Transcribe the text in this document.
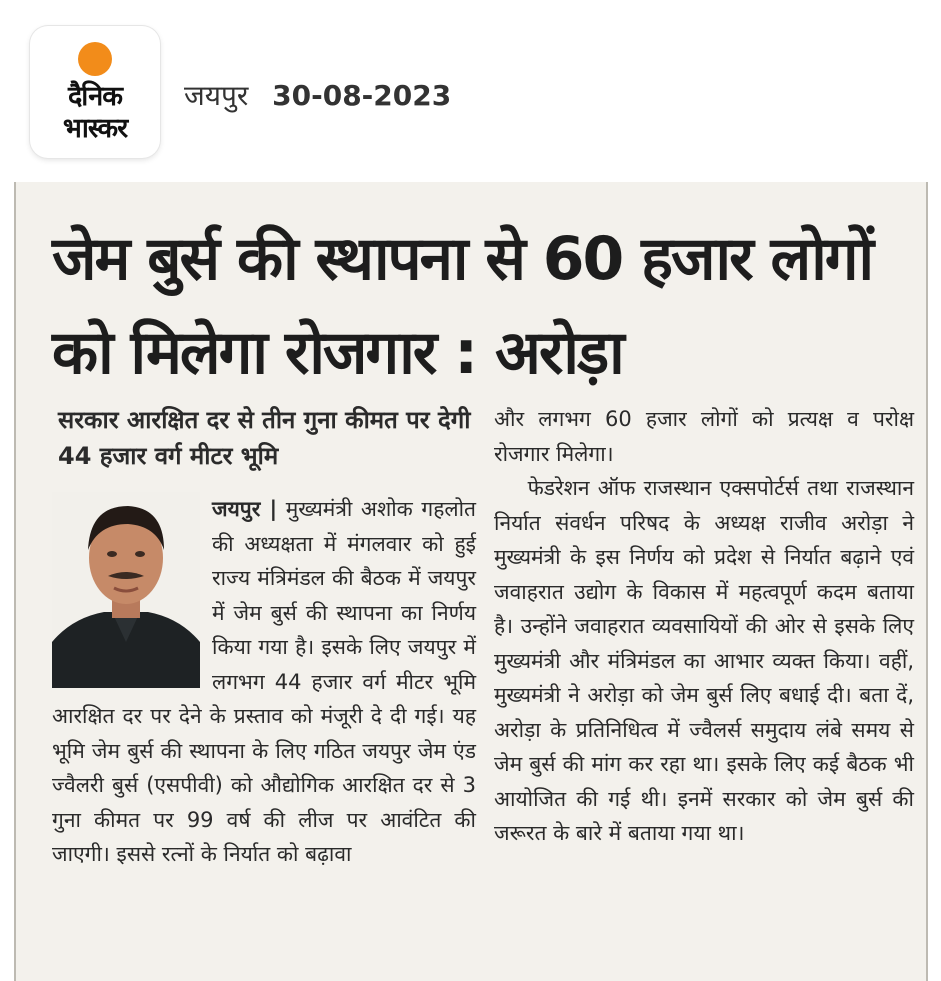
दैनिक
भास्कर
जयपुर 30-08-2023
जेम बुर्स की स्थापना से 60 हजार लोगों को मिलेगा रोजगार : अरोड़ा
सरकार आरक्षित दर से तीन गुना कीमत पर देगी 44 हजार वर्ग मीटर भूमि

जयपुर | मुख्यमंत्री अशोक गहलोत की अध्यक्षता में मंगलवार को हुई राज्य मंत्रिमंडल की बैठक में जयपुर में जेम बुर्स की स्थापना का निर्णय किया गया है। इसके लिए जयपुर में लगभग 44 हजार वर्ग मीटर भूमि आरक्षित दर पर देने के प्रस्ताव को मंजूरी दे दी गई। यह भूमि जेम बुर्स की स्थापना के लिए गठित जयपुर जेम एंड ज्वैलरी बुर्स (एसपीवी) को औद्योगिक आरक्षित दर से 3 गुना कीमत पर 99 वर्ष की लीज पर आवंटित की जाएगी। इससे रत्नों के निर्यात को बढ़ावा

और लगभग 60 हजार लोगों को प्रत्यक्ष व परोक्ष रोजगार मिलेगा।

फेडरेशन ऑफ राजस्थान एक्सपोर्टर्स तथा राजस्थान निर्यात संवर्धन परिषद के अध्यक्ष राजीव अरोड़ा ने मुख्यमंत्री के इस निर्णय को प्रदेश से निर्यात बढ़ाने एवं जवाहरात उद्योग के विकास में महत्वपूर्ण कदम बताया है। उन्होंने जवाहरात व्यवसायियों की ओर से इसके लिए मुख्यमंत्री और मंत्रिमंडल का आभार व्यक्त किया। वहीं, मुख्यमंत्री ने अरोड़ा को जेम बुर्स लिए बधाई दी। बता दें, अरोड़ा के प्रतिनिधित्व में ज्वैलर्स समुदाय लंबे समय से जेम बुर्स की मांग कर रहा था। इसके लिए कई बैठक भी आयोजित की गई थी। इनमें सरकार को जेम बुर्स की जरूरत के बारे में बताया गया था।
